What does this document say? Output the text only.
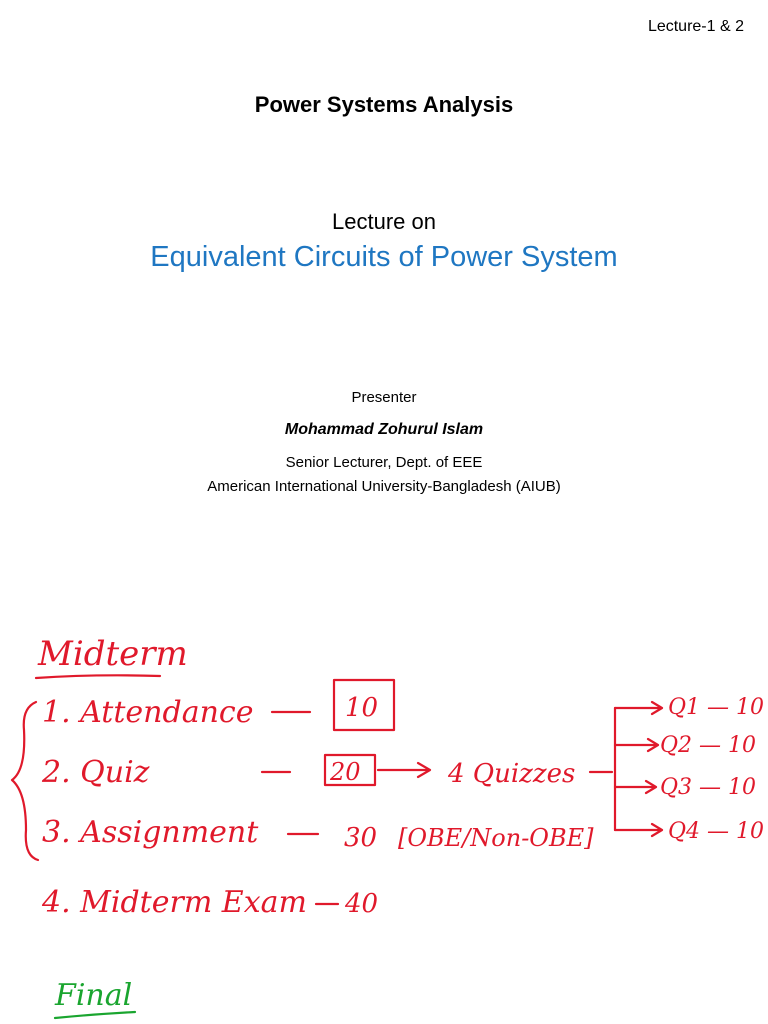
Lecture-1 & 2
Power Systems Analysis
Lecture on
Equivalent Circuits of Power System
Presenter
Mohammad Zohurul Islam
Senior Lecturer, Dept. of EEE
American International University-Bangladesh (AIUB)
Midterm
1. Attendance	10
2. Quiz	20	4 Quizzes
Q1 — 10
Q2 — 10
Q3 — 10
Q4 — 10
3. Assignment	30 [OBE/Non-OBE]
4. Midterm Exam 40
Final
